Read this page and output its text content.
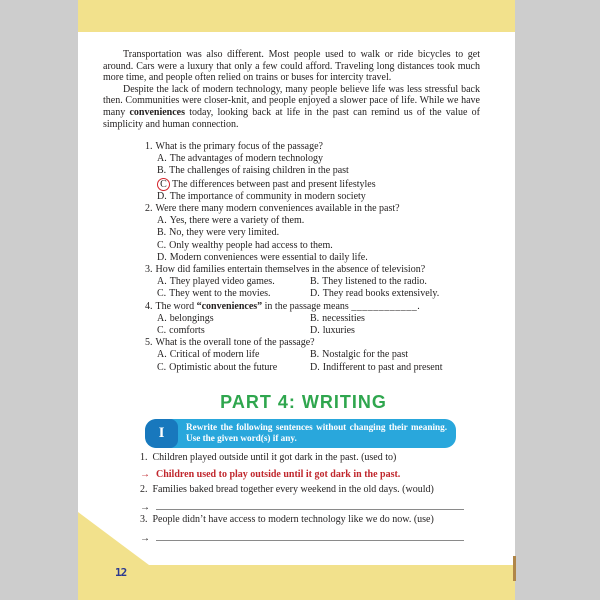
Transportation was also different. Most people used to walk or ride bicycles to get around. Cars were a luxury that only a few could afford. Traveling long distances took much more time, and people often relied on trains or buses for intercity travel.

Despite the lack of modern technology, many people believe life was less stressful back then. Communities were closer-knit, and people enjoyed a slower pace of life. While we have many conveniences today, looking back at life in the past can remind us of the value of simplicity and human connection.

1. What is the primary focus of the passage?
A. The advantages of modern technology
B. The challenges of raising children in the past
C The differences between past and present lifestyles
D. The importance of community in modern society
2. Were there many modern conveniences available in the past?
A. Yes, there were a variety of them.
B. No, they were very limited.
C. Only wealthy people had access to them.
D. Modern conveniences were essential to daily life.
3. How did families entertain themselves in the absence of television?
A. They played video games.	B. They listened to the radio.
C. They went to the movies.	D. They read books extensively.
4. The word “conveniences” in the passage means ____________.
A. belongings	B. necessities
C. comforts	D. luxuries
5. What is the overall tone of the passage?
A. Critical of modern life	B. Nostalgic for the past
C. Optimistic about the future	D. Indifferent to past and present
PART 4: WRITING
I	Rewrite the following sentences without changing their meaning. Use the given word(s) if any.
1. Children played outside until it got dark in the past. (used to)
→ Children used to play outside until it got dark in the past.
2. Families baked bread together every weekend in the old days. (would)
→
3. People didn’t have access to modern technology like we do now. (use)
→
12
